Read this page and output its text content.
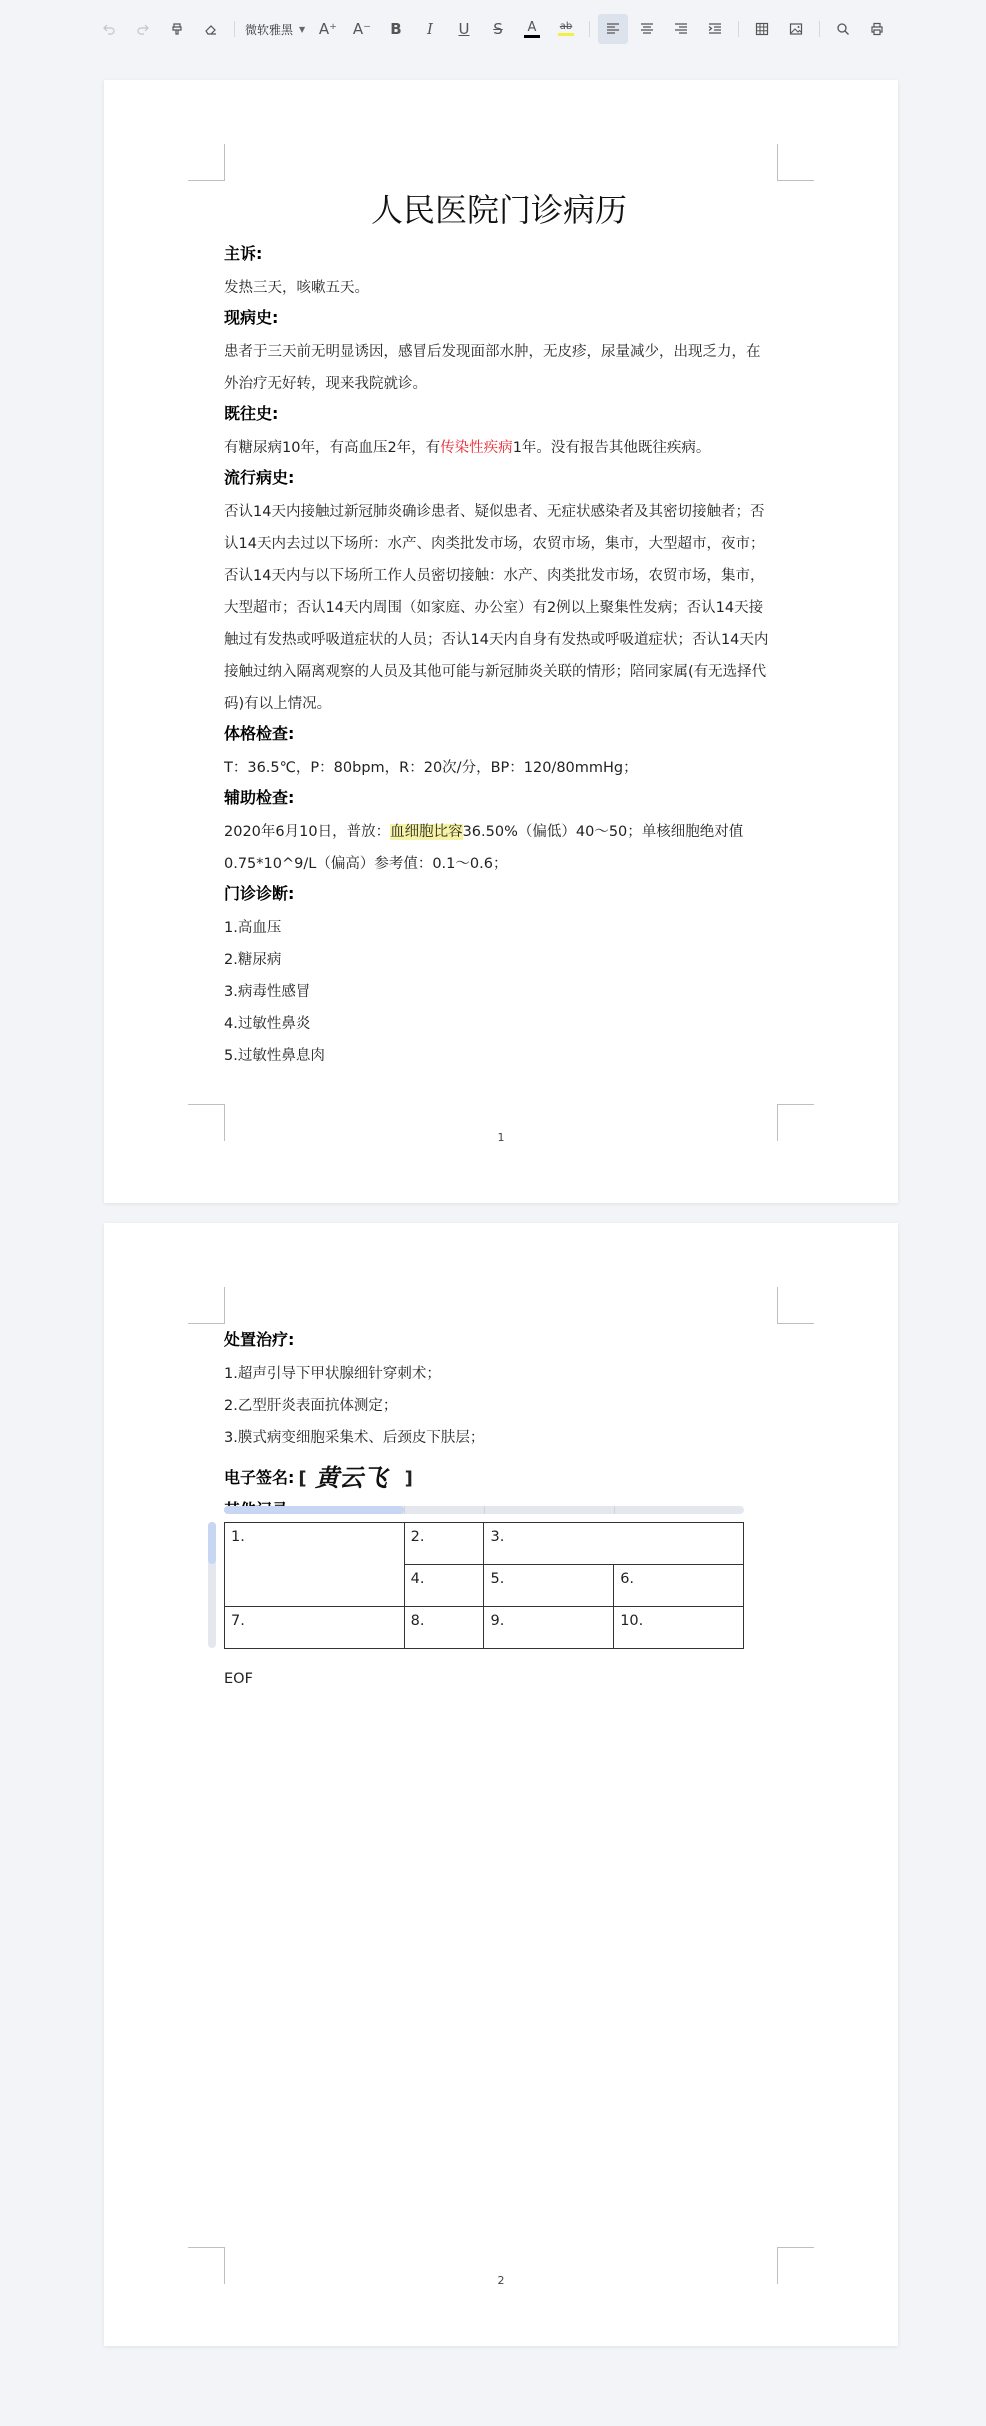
微软雅黑 ▼ A⁺ A⁻ B I U S A ab
人民医院门诊病历
主诉:

发热三天，咳嗽五天。

现病史:

患者于三天前无明显诱因，感冒后发现面部水肿，无皮疹，尿量减少，出现乏力，在外治疗无好转，现来我院就诊。

既往史:

有糖尿病10年，有高血压2年，有传染性疾病1年。没有报告其他既往疾病。

流行病史:

否认14天内接触过新冠肺炎确诊患者、疑似患者、无症状感染者及其密切接触者；否认14天内去过以下场所：水产、肉类批发市场，农贸市场，集市，大型超市，夜市；否认14天内与以下场所工作人员密切接触：水产、肉类批发市场，农贸市场，集市，大型超市；否认14天内周围（如家庭、办公室）有2例以上聚集性发病；否认14天接触过有发热或呼吸道症状的人员；否认14天内自身有发热或呼吸道症状；否认14天内接触过纳入隔离观察的人员及其他可能与新冠肺炎关联的情形；陪同家属(有无选择代码)有以上情况。

体格检查:

T：36.5℃，P：80bpm，R：20次/分，BP：120/80mmHg；

辅助检查:

2020年6月10日，普放：血细胞比容36.50%（偏低）40～50；单核细胞绝对值0.75*10^9/L（偏高）参考值：0.1～0.6；

门诊诊断:

1.高血压

2.糖尿病

3.病毒性感冒

4.过敏性鼻炎

5.过敏性鼻息肉

1
处置治疗:

1.超声引导下甲状腺细针穿刺术；

2.乙型肝炎表面抗体测定；

3.膜式病变细胞采集术、后颈皮下肤层；

电子签名: [ 黄云飞 ]
1.	2.	3.	
	4.	5.	6.
7.	8.	9.	10.

EOF

2
